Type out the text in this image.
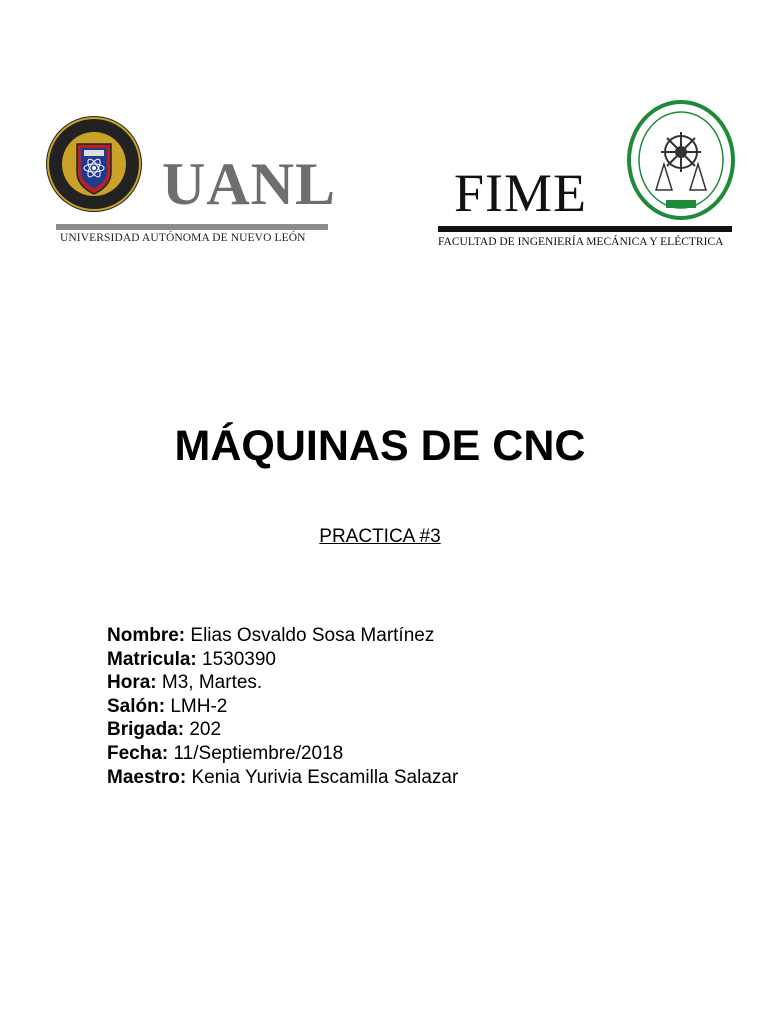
UANL
UNIVERSIDAD AUTÓNOMA DE NUEVO LEÓN
FIME
FACULTAD DE INGENIERÍA MECÁNICA Y ELÉCTRICA
MÁQUINAS DE CNC
PRACTICA #3
Nombre: Elias Osvaldo Sosa Martínez
Matricula: 1530390
Hora: M3, Martes.
Salón: LMH-2
Brigada: 202
Fecha: 11/Septiembre/2018
Maestro: Kenia Yurivia Escamilla Salazar
